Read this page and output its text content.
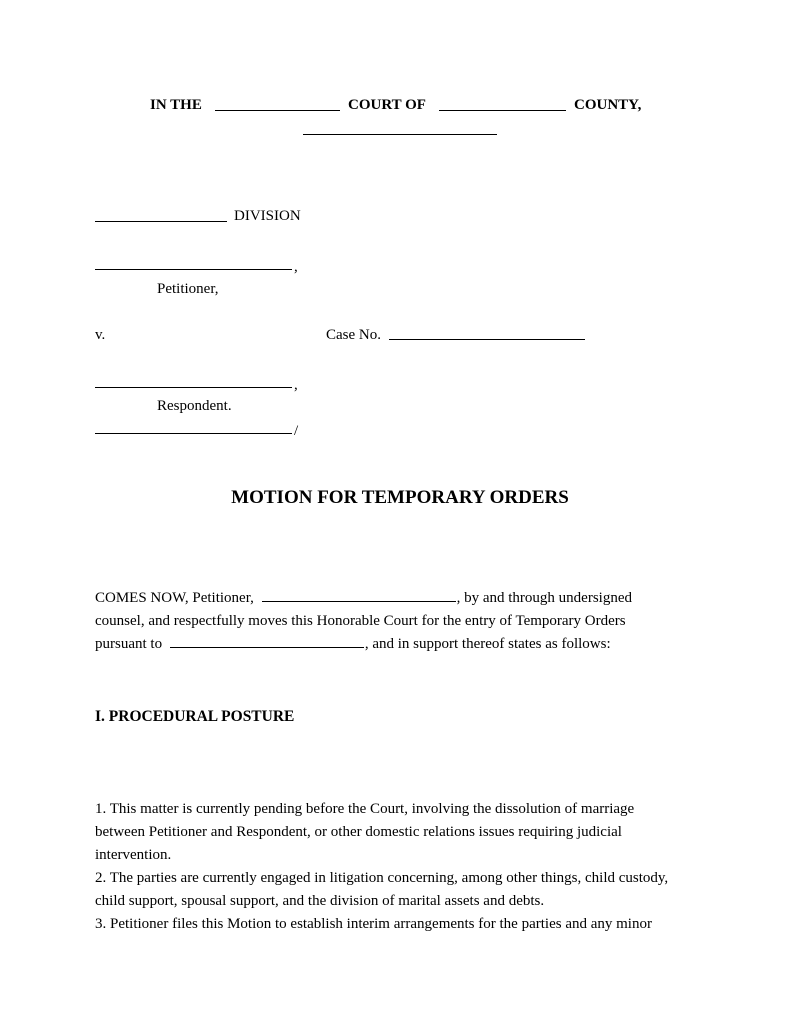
IN THE	COURT OF	COUNTY,
DIVISION
,
Petitioner,
v.	Case No.
,
Respondent.
/
MOTION FOR TEMPORARY ORDERS
COMES NOW, Petitioner,	, by and through undersigned
counsel, and respectfully moves this Honorable Court for the entry of Temporary Orders
pursuant to	, and in support thereof states as follows:
I. PROCEDURAL POSTURE
1. This matter is currently pending before the Court, involving the dissolution of marriage
between Petitioner and Respondent, or other domestic relations issues requiring judicial
intervention.
2. The parties are currently engaged in litigation concerning, among other things, child custody,
child support, spousal support, and the division of marital assets and debts.
3. Petitioner files this Motion to establish interim arrangements for the parties and any minor
